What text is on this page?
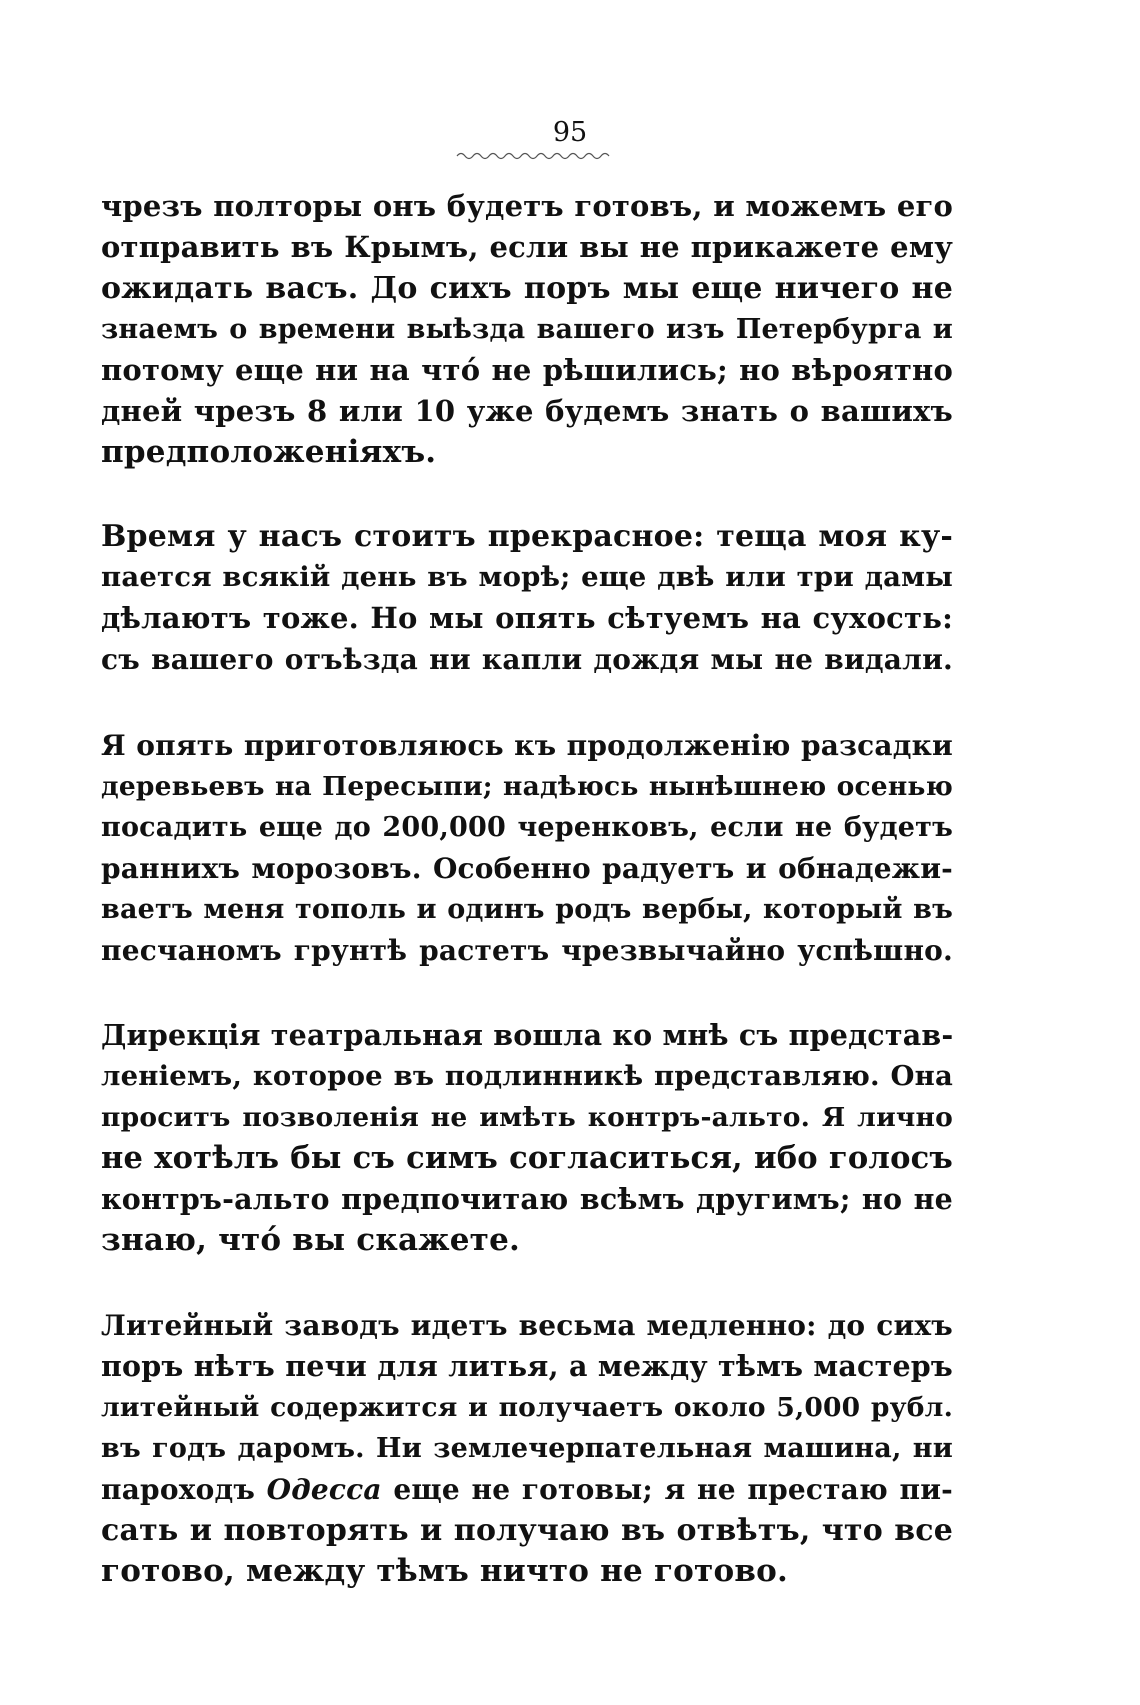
95
чрезъ полторы онъ будетъ готовъ, и можемъ его
отправить въ Крымъ, если вы не прикажете ему
ожидать васъ. До сихъ поръ мы еще ничего не
знаемъ о времени выѣзда вашего изъ Петербурга и
потому еще ни на чтó не рѣшились; но вѣроятно
дней чрезъ 8 или 10 уже будемъ знать о вашихъ
предположеніяхъ.
Время у насъ стоитъ прекрасное: теща моя ку-
пается всякій день въ морѣ; еще двѣ или три дамы
дѣлаютъ тоже. Но мы опять сѣтуемъ на сухость:
съ вашего отъѣзда ни капли дождя мы не видали.
Я опять приготовляюсь къ продолженію разсадки
деревьевъ на Пересыпи; надѣюсь нынѣшнею осенью
посадить еще до 200,000 черенковъ, если не будетъ
раннихъ морозовъ. Особенно радуетъ и обнадежи-
ваетъ меня тополь и одинъ родъ вербы, который въ
песчаномъ грунтѣ растетъ чрезвычайно успѣшно.
Дирекція театральная вошла ко мнѣ съ представ-
леніемъ, которое въ подлинникѣ представляю. Она
проситъ позволенія не имѣть контръ-альто. Я лично
не хотѣлъ бы съ симъ согласиться, ибо голосъ
контръ-альто предпочитаю всѣмъ другимъ; но не
знаю, чтó вы скажете.
Литейный заводъ идетъ весьма медленно: до сихъ
поръ нѣтъ печи для литья, а между тѣмъ мастеръ
литейный содержится и получаетъ около 5,000 рубл.
въ годъ даромъ. Ни землечерпательная машина, ни
пароходъ Одесса еще не готовы; я не престаю пи-
сать и повторять и получаю въ отвѣтъ, что все
готово, между тѣмъ ничто не готово.
